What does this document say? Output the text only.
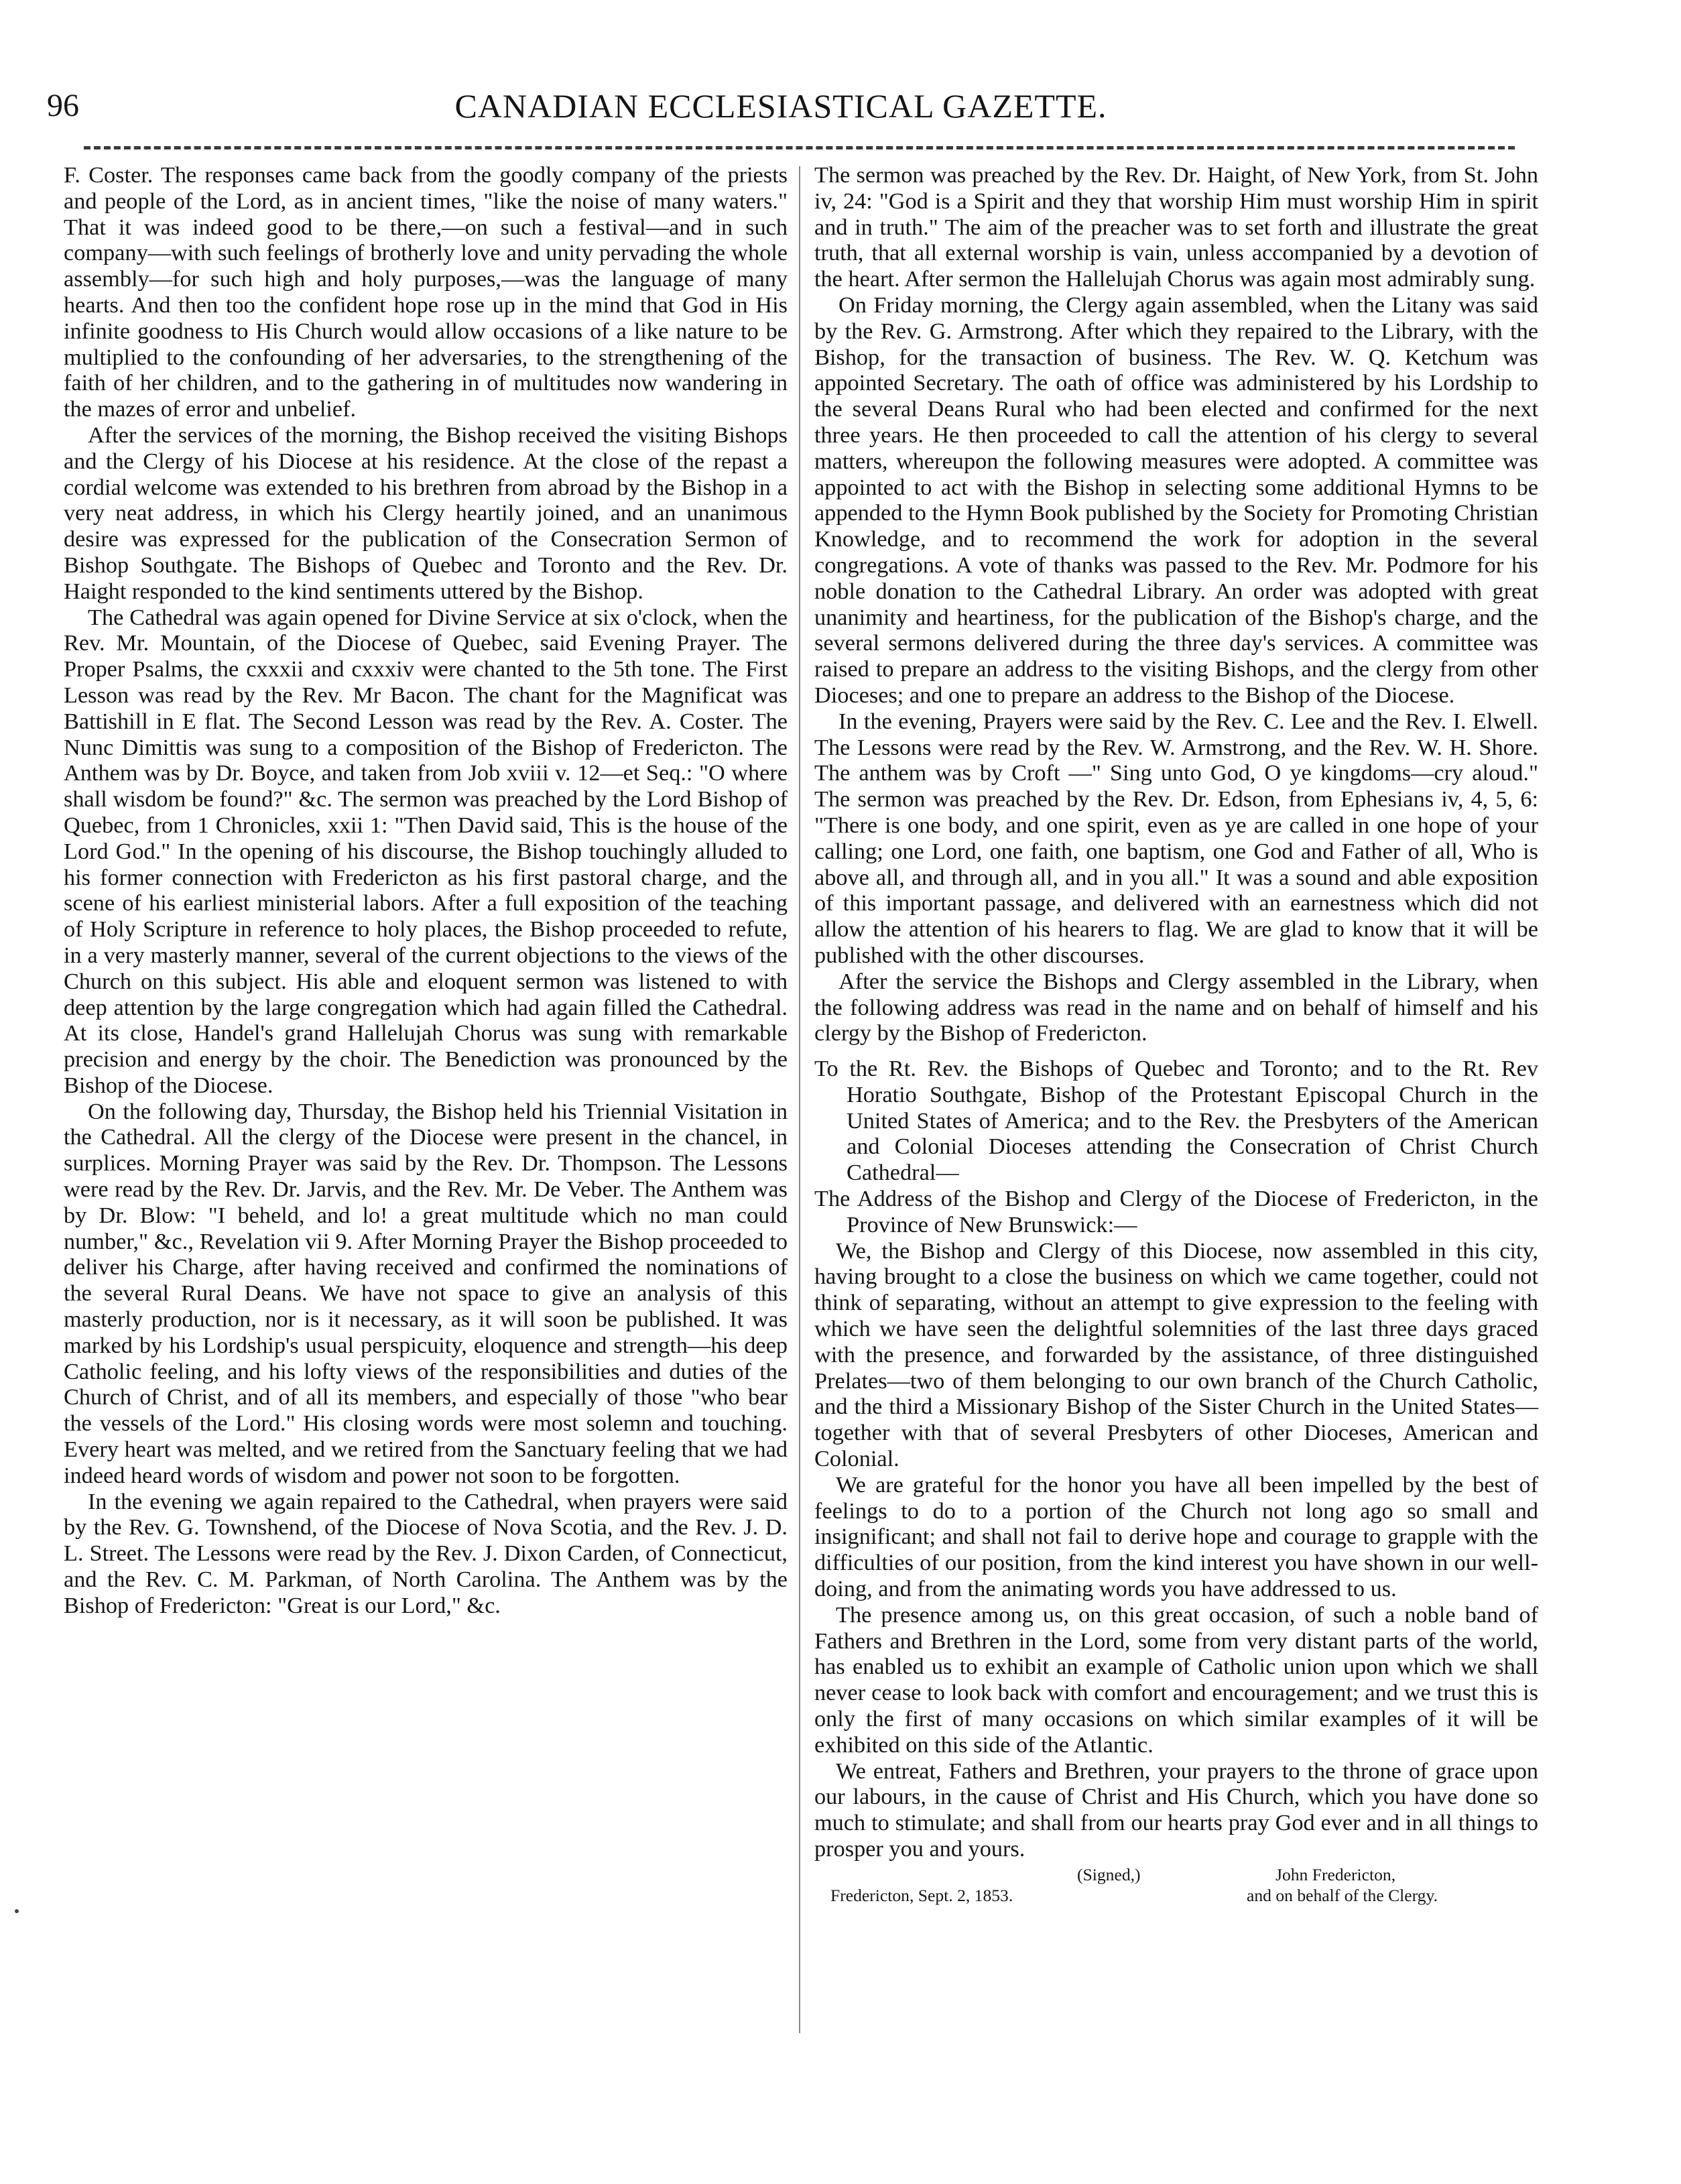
96	CANADIAN ECCLESIASTICAL GAZETTE.

F. Coster. The responses came back from the goodly company of the priests and people of the Lord, as in ancient times, "like the noise of many waters." That it was indeed good to be there,—on such a festival—and in such company—with such feelings of brotherly love and unity pervading the whole assembly—for such high and holy purposes,—was the language of many hearts. And then too the confident hope rose up in the mind that God in His infinite goodness to His Church would allow occasions of a like nature to be multiplied to the confounding of her adversaries, to the strengthening of the faith of her children, and to the gathering in of multitudes now wandering in the mazes of error and unbelief.

After the services of the morning, the Bishop received the visiting Bishops and the Clergy of his Diocese at his residence. At the close of the repast a cordial welcome was extended to his brethren from abroad by the Bishop in a very neat address, in which his Clergy heartily joined, and an unanimous desire was expressed for the publication of the Consecration Sermon of Bishop Southgate. The Bishops of Quebec and Toronto and the Rev. Dr. Haight responded to the kind sentiments uttered by the Bishop.

The Cathedral was again opened for Divine Service at six o'clock, when the Rev. Mr. Mountain, of the Diocese of Quebec, said Evening Prayer. The Proper Psalms, the cxxxii and cxxxiv were chanted to the 5th tone. The First Lesson was read by the Rev. Mr Bacon. The chant for the Magnificat was Battishill in E flat. The Second Lesson was read by the Rev. A. Coster. The Nunc Dimittis was sung to a composition of the Bishop of Fredericton. The Anthem was by Dr. Boyce, and taken from Job xviii v. 12—et Seq.: "O where shall wisdom be found?" &c. The sermon was preached by the Lord Bishop of Quebec, from 1 Chronicles, xxii 1: "Then David said, This is the house of the Lord God." In the opening of his discourse, the Bishop touchingly alluded to his former connection with Fredericton as his first pastoral charge, and the scene of his earliest ministerial labors. After a full exposition of the teaching of Holy Scripture in reference to holy places, the Bishop proceeded to refute, in a very masterly manner, several of the current objections to the views of the Church on this subject. His able and eloquent sermon was listened to with deep attention by the large congregation which had again filled the Cathedral. At its close, Handel's grand Hallelujah Chorus was sung with remarkable precision and energy by the choir. The Benediction was pronounced by the Bishop of the Diocese.

On the following day, Thursday, the Bishop held his Triennial Visitation in the Cathedral. All the clergy of the Diocese were present in the chancel, in surplices. Morning Prayer was said by the Rev. Dr. Thompson. The Lessons were read by the Rev. Dr. Jarvis, and the Rev. Mr. De Veber. The Anthem was by Dr. Blow: "I beheld, and lo! a great multitude which no man could number," &c., Revelation vii 9. After Morning Prayer the Bishop proceeded to deliver his Charge, after having received and confirmed the nominations of the several Rural Deans. We have not space to give an analysis of this masterly production, nor is it necessary, as it will soon be published. It was marked by his Lordship's usual perspicuity, eloquence and strength—his deep Catholic feeling, and his lofty views of the responsibilities and duties of the Church of Christ, and of all its members, and especially of those "who bear the vessels of the Lord." His closing words were most solemn and touching. Every heart was melted, and we retired from the Sanctuary feeling that we had indeed heard words of wisdom and power not soon to be forgotten.

In the evening we again repaired to the Cathedral, when prayers were said by the Rev. G. Townshend, of the Diocese of Nova Scotia, and the Rev. J. D. L. Street. The Lessons were read by the Rev. J. Dixon Carden, of Connecticut, and the Rev. C. M. Parkman, of North Carolina. The Anthem was by the Bishop of Fredericton: "Great is our Lord," &c.

The sermon was preached by the Rev. Dr. Haight, of New York, from St. John iv, 24: "God is a Spirit and they that worship Him must worship Him in spirit and in truth." The aim of the preacher was to set forth and illustrate the great truth, that all external worship is vain, unless accompanied by a devotion of the heart. After sermon the Hallelujah Chorus was again most admirably sung.

On Friday morning, the Clergy again assembled, when the Litany was said by the Rev. G. Armstrong. After which they repaired to the Library, with the Bishop, for the transaction of business. The Rev. W. Q. Ketchum was appointed Secretary. The oath of office was administered by his Lordship to the several Deans Rural who had been elected and confirmed for the next three years. He then proceeded to call the attention of his clergy to several matters, whereupon the following measures were adopted. A committee was appointed to act with the Bishop in selecting some additional Hymns to be appended to the Hymn Book published by the Society for Promoting Christian Knowledge, and to recommend the work for adoption in the several congregations. A vote of thanks was passed to the Rev. Mr. Podmore for his noble donation to the Cathedral Library. An order was adopted with great unanimity and heartiness, for the publication of the Bishop's charge, and the several sermons delivered during the three day's services. A committee was raised to prepare an address to the visiting Bishops, and the clergy from other Dioceses; and one to prepare an address to the Bishop of the Diocese.

In the evening, Prayers were said by the Rev. C. Lee and the Rev. I. Elwell. The Lessons were read by the Rev. W. Armstrong, and the Rev. W. H. Shore. The anthem was by Croft —" Sing unto God, O ye kingdoms—cry aloud." The sermon was preached by the Rev. Dr. Edson, from Ephesians iv, 4, 5, 6: "There is one body, and one spirit, even as ye are called in one hope of your calling; one Lord, one faith, one baptism, one God and Father of all, Who is above all, and through all, and in you all." It was a sound and able exposition of this important passage, and delivered with an earnestness which did not allow the attention of his hearers to flag. We are glad to know that it will be published with the other discourses.

After the service the Bishops and Clergy assembled in the Library, when the following address was read in the name and on behalf of himself and his clergy by the Bishop of Fredericton.

To the Rt. Rev. the Bishops of Quebec and Toronto; and to the Rt. Rev Horatio Southgate, Bishop of the Protestant Episcopal Church in the United States of America; and to the Rev. the Presbyters of the American and Colonial Dioceses attending the Consecration of Christ Church Cathedral—

The Address of the Bishop and Clergy of the Diocese of Fredericton, in the Province of New Brunswick:—

We, the Bishop and Clergy of this Diocese, now assembled in this city, having brought to a close the business on which we came together, could not think of separating, without an attempt to give expression to the feeling with which we have seen the delightful solemnities of the last three days graced with the presence, and forwarded by the assistance, of three distinguished Prelates—two of them belonging to our own branch of the Church Catholic, and the third a Missionary Bishop of the Sister Church in the United States—together with that of several Presbyters of other Dioceses, American and Colonial.

We are grateful for the honor you have all been impelled by the best of feelings to do to a portion of the Church not long ago so small and insignificant; and shall not fail to derive hope and courage to grapple with the difficulties of our position, from the kind interest you have shown in our well-doing, and from the animating words you have addressed to us.

The presence among us, on this great occasion, of such a noble band of Fathers and Brethren in the Lord, some from very distant parts of the world, has enabled us to exhibit an example of Catholic union upon which we shall never cease to look back with comfort and encouragement; and we trust this is only the first of many occasions on which similar examples of it will be exhibited on this side of the Atlantic.

We entreat, Fathers and Brethren, your prayers to the throne of grace upon our labours, in the cause of Christ and His Church, which you have done so much to stimulate; and shall from our hearts pray God ever and in all things to prosper you and yours.

(Signed,)	John Fredericton,
Fredericton, Sept. 2, 1853.	and on behalf of the Clergy.
